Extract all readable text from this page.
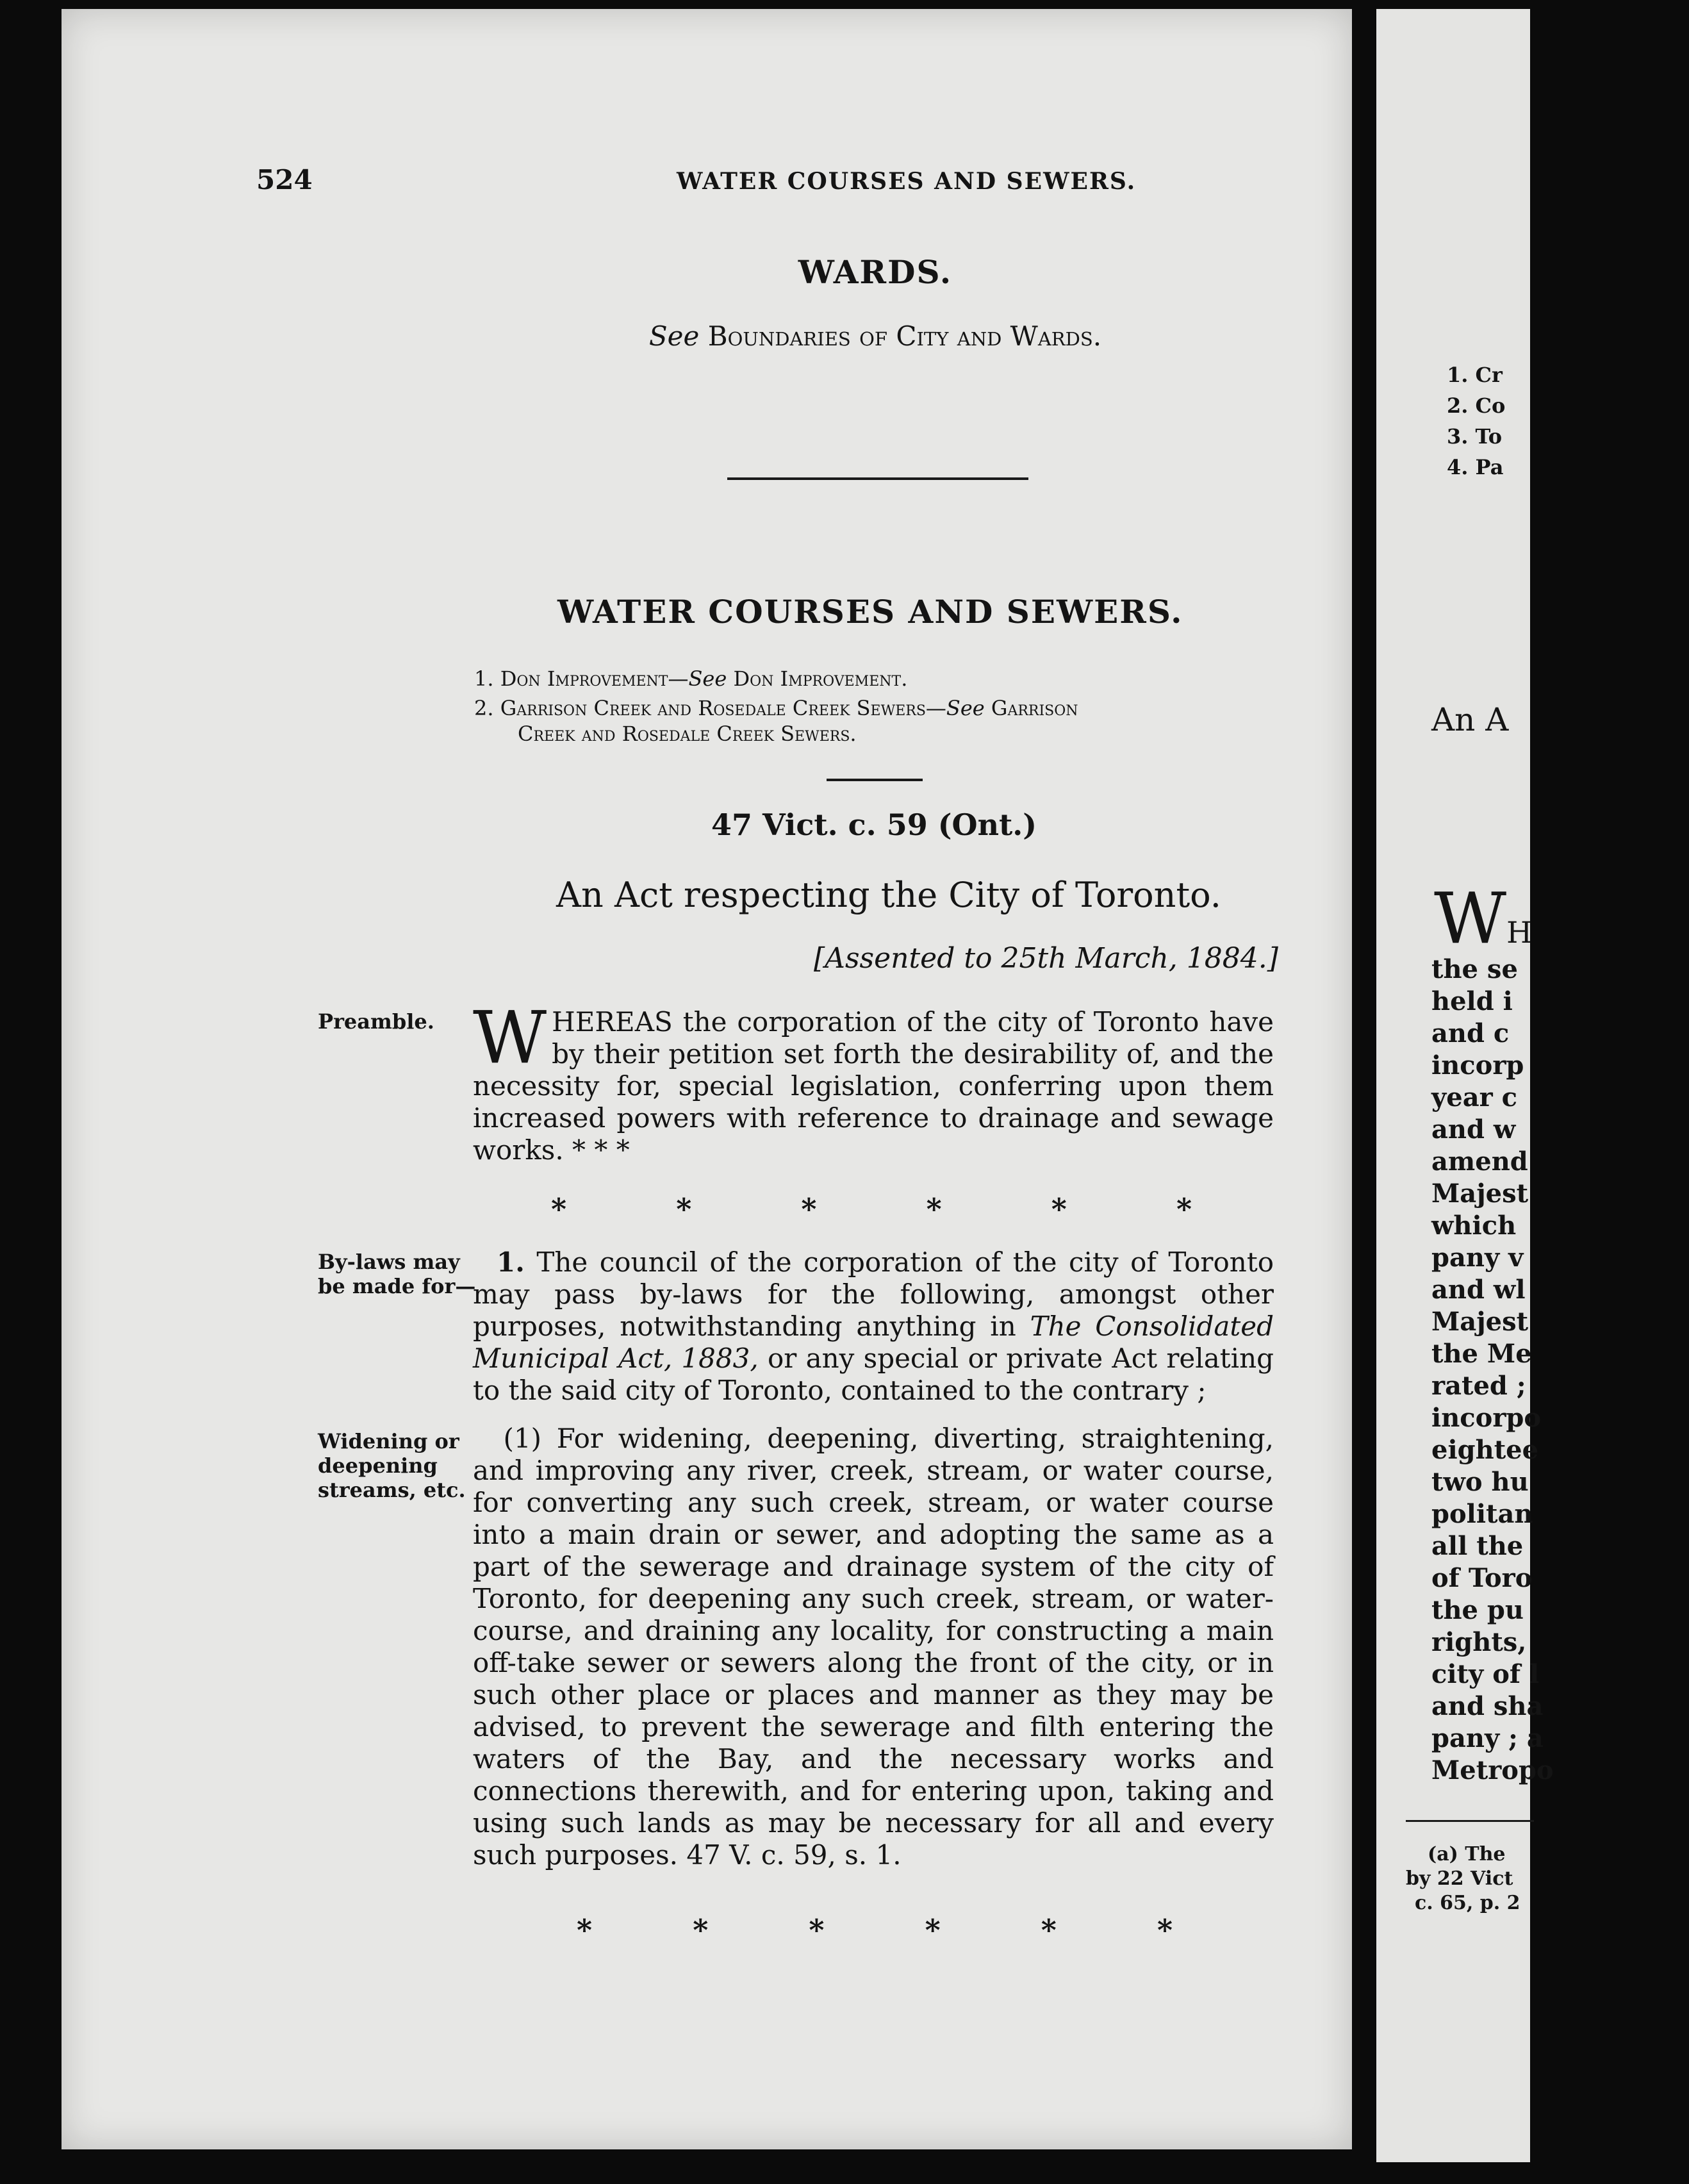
524	WATER COURSES AND SEWERS.
WARDS.
See Boundaries of City and Wards.
WATER COURSES AND SEWERS.
1. Don Improvement—See Don Improvement.
2. Garrison Creek and Rosedale Creek Sewers—See Garrison
Creek and Rosedale Creek Sewers.
47 Vict. c. 59 (Ont.)
An Act respecting the City of Toronto.
[Assented to 25th March, 1884.]
Preamble. WHEREAS the corporation of the city of Toronto have by their petition set forth the desirability of, and the necessity for, special legislation, conferring upon them increased powers with reference to drainage and sewage works. * * *

*	*	*	*	*	*
By-laws may
be made for—

1. The council of the corporation of the city of Toronto may pass by-laws for the following, amongst other purposes, notwithstanding anything in The Consolidated Municipal Act, 1883, or any special or private Act relating to the said city of Toronto, contained to the contrary ;

Widening or
deepening
streams, etc.

(1) For widening, deepening, diverting, straightening, and improving any river, creek, stream, or water course, for converting any such creek, stream, or water course into a main drain or sewer, and adopting the same as a part of the sewerage and drainage system of the city of Toronto, for deepening any such creek, stream, or water-course, and draining any locality, for constructing a main off-take sewer or sewers along the front of the city, or in such other place or places and manner as they may be advised, to prevent the sewerage and filth entering the waters of the Bay, and the necessary works and connections therewith, and for entering upon, taking and using such lands as may be necessary for all and every such purposes. 47 V. c. 59, s. 1.

*	*	*	*	*	*
1. Cr
2. Co
3. To
4. Pa
An A
WH
the se
held i
and c
incorp
year c
and w
amend
Majest
which
pany v
and wl
Majest
the Me
rated ;
incorpo
eightee
two hu
politan
all the
of Toro
the pu
rights,
city of l
and sha
pany ; a
Metropo
(a) The
by 22 Vict
c. 65, p. 2
